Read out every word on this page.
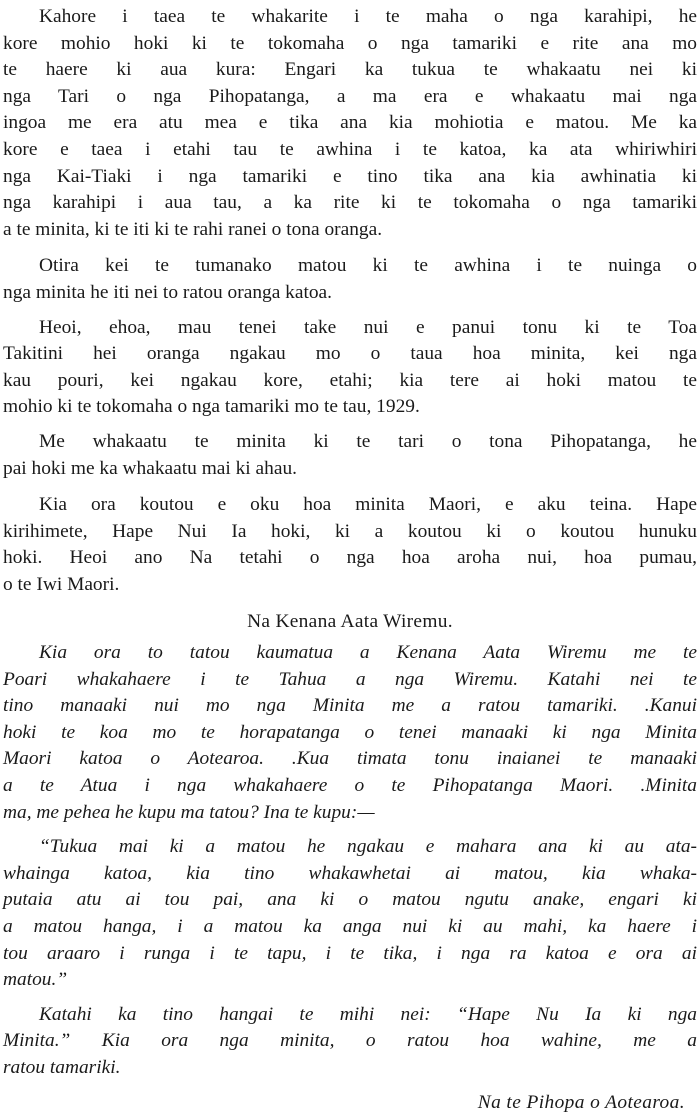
Kahore i taea te whakarite i te maha o nga karahipi, he
kore mohio hoki ki te tokomaha o nga tamariki e rite ana mo
te haere ki aua kura: Engari ka tukua te whakaatu nei ki
nga Tari o nga Pihopatanga, a ma era e whakaatu mai nga
ingoa me era atu mea e tika ana kia mohiotia e matou. Me ka
kore e taea i etahi tau te awhina i te katoa, ka ata whiriwhiri
nga Kai-Tiaki i nga tamariki e tino tika ana kia awhinatia ki
nga karahipi i aua tau, a ka rite ki te tokomaha o nga tamariki
a te minita, ki te iti ki te rahi ranei o tona oranga.

Otira kei te tumanako matou ki te awhina i te nuinga o
nga minita he iti nei to ratou oranga katoa.

Heoi, ehoa, mau tenei take nui e panui tonu ki te Toa
Takitini hei oranga ngakau mo o taua hoa minita, kei nga
kau pouri, kei ngakau kore, etahi; kia tere ai hoki matou te
mohio ki te tokomaha o nga tamariki mo te tau, 1929.

Me whakaatu te minita ki te tari o tona Pihopatanga, he
pai hoki me ka whakaatu mai ki ahau.

Kia ora koutou e oku hoa minita Maori, e aku teina. Hape
kirihimete, Hape Nui Ia hoki, ki a koutou ki o koutou hunuku
hoki. Heoi ano Na tetahi o nga hoa aroha nui, hoa pumau,
o te Iwi Maori.

Na Kenana Aata Wiremu.

Kia ora to tatou kaumatua a Kenana Aata Wiremu me te
Poari whakahaere i te Tahua a nga Wiremu. Katahi nei te
tino manaaki nui mo nga Minita me a ratou tamariki. .Kanui
hoki te koa mo te horapatanga o tenei manaaki ki nga Minita
Maori katoa o Aotearoa. .Kua timata tonu inaianei te manaaki
a te Atua i nga whakahaere o te Pihopatanga Maori. .Minita
ma, me pehea he kupu ma tatou? Ina te kupu:—

“Tukua mai ki a matou he ngakau e mahara ana ki au ata-
whainga katoa, kia tino whakawhetai ai matou, kia whaka-
putaia atu ai tou pai, ana ki o matou ngutu anake, engari ki
a matou hanga, i a matou ka anga nui ki au mahi, ka haere i
tou araaro i runga i te tapu, i te tika, i nga ra katoa e ora ai
matou.”

Katahi ka tino hangai te mihi nei: “Hape Nu Ia ki nga
Minita.” Kia ora nga minita, o ratou hoa wahine, me a
ratou tamariki.

Na te Pihopa o Aotearoa.
